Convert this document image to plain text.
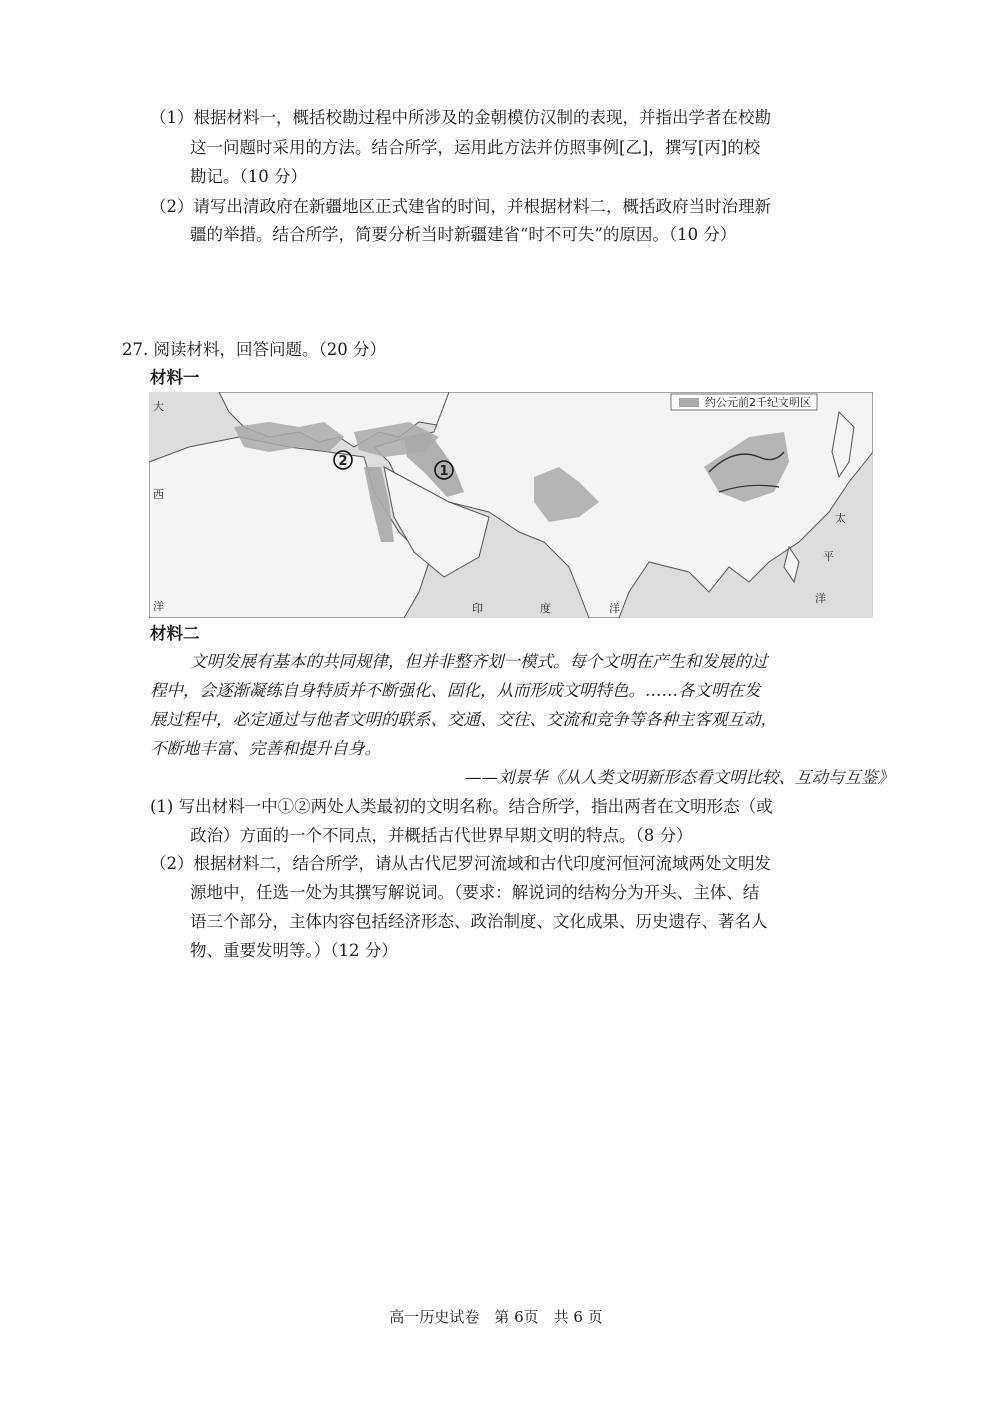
（1）根据材料一，概括校勘过程中所涉及的金朝模仿汉制的表现，并指出学者在校勘
这一问题时采用的方法。结合所学，运用此方法并仿照事例[乙]，撰写[丙]的校
勘记。（10 分）
（2）请写出清政府在新疆地区正式建省的时间，并根据材料二，概括政府当时治理新
疆的举措。结合所学，简要分析当时新疆建省“时不可失”的原因。（10 分）
27. 阅读材料，回答问题。（20 分）
材料一
约公元前2千纪文明区
1
2
大
西
洋	印	度	洋
太
平
洋
材料二
文明发展有基本的共同规律，但并非整齐划一模式。每个文明在产生和发展的过
程中，会逐渐凝练自身特质并不断强化、固化，从而形成文明特色。……各文明在发
展过程中，必定通过与他者文明的联系、交通、交往、交流和竞争等各种主客观互动，
不断地丰富、完善和提升自身。
——刘景华《从人类文明新形态看文明比较、互动与互鉴》
(1) 写出材料一中①②两处人类最初的文明名称。结合所学，指出两者在文明形态（或
政治）方面的一个不同点，并概括古代世界早期文明的特点。（8 分）
（2）根据材料二，结合所学，请从古代尼罗河流域和古代印度河恒河流域两处文明发
源地中，任选一处为其撰写解说词。（要求：解说词的结构分为开头、主体、结
语三个部分，主体内容包括经济形态、政治制度、文化成果、历史遗存、著名人
物、重要发明等。）（12 分）
高一历史试卷　第 6页　共 6 页
